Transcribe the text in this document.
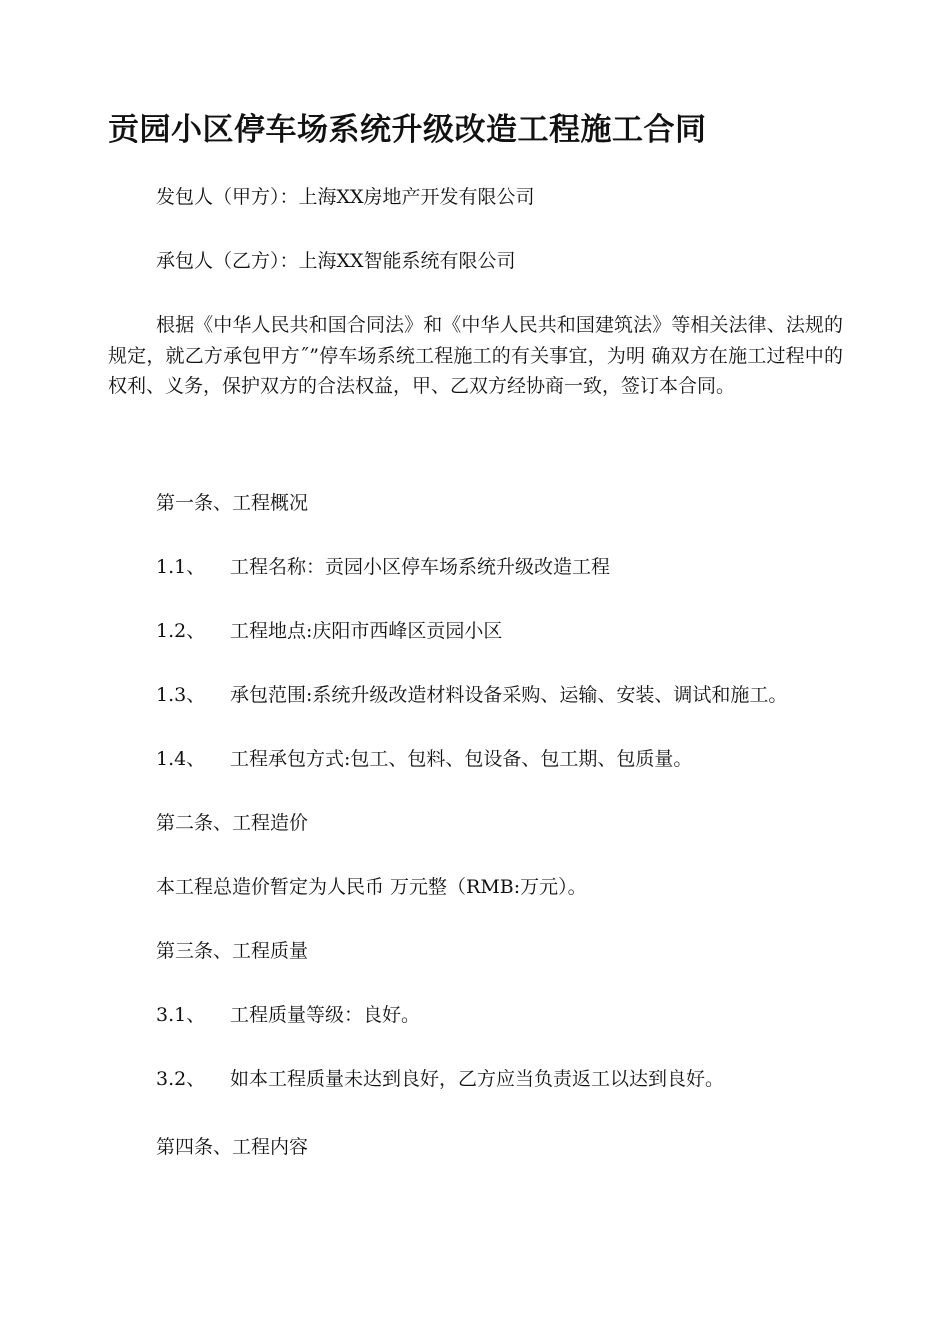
贡园小区停车场系统升级改造工程施工合同

发包人（甲方）：上海XX房地产开发有限公司

承包人（乙方）：上海XX智能系统有限公司

根据《中华人民共和国合同法》和《中华人民共和国建筑法》等相关法律、法规的规定，就乙方承包甲方˝”停车场系统工程施工的有关事宜，为明 确双方在施工过程中的权利、义务，保护双方的合法权益，甲、乙双方经协商一致，签订本合同。

第一条、工程概况

1.1、 工程名称：贡园小区停车场系统升级改造工程

1.2、 工程地点:庆阳市西峰区贡园小区

1.3、 承包范围:系统升级改造材料设备采购、运输、安装、调试和施工。

1.4、 工程承包方式:包工、包料、包设备、包工期、包质量。

第二条、工程造价

本工程总造价暂定为人民币 万元整（RMB:万元）。

第三条、工程质量

3.1、 工程质量等级：良好。

3.2、 如本工程质量未达到良好，乙方应当负责返工以达到良好。

第四条、工程内容
